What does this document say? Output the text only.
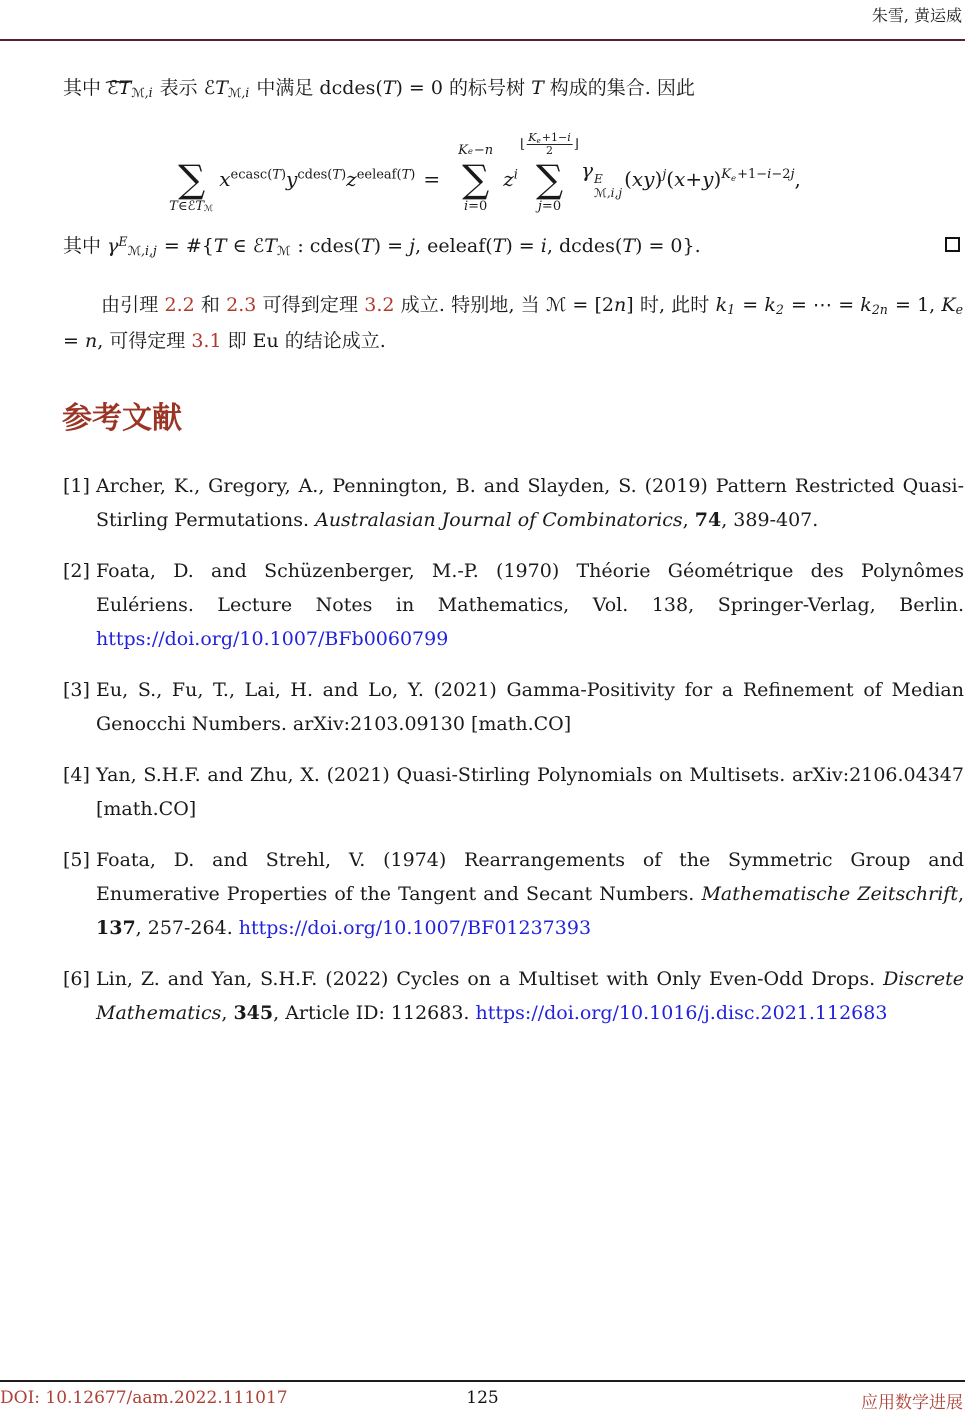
朱雪, 黄运威
其中 ℰT ∼ℳ,i 表示 ℰTℳ,i 中满足 dcdes(T) = 0 的标号树 T 构成的集合. 因此
∑
T ∈ ℰT ℳ
$x^{ecasc(T)}y^{cdes(T)}z^{eeleaf(T)}$ =
K e − n
∑
i =0
$z^i$
⌊ $\frac{Ke+1-i}{2}$ ⌋
∑
j =0
γ E
ℳ,i,j
$(xy)^j(x+y)^{Ke+1-i-2j}$,
其中 $\gamma^Eℳ,i,j$ = #{T ∈ ℰTℳ : cdes(T) = j, eeleaf(T) = i, dcdes(T) = 0}.
由引理 2.2 和 2.3 可得到定理 3.2 成立. 特别地, 当 ℳ = [2n] 时, 此时 k1 = k2 = ⋯ = k2n = 1, Ke = n, 可得定理 3.1 即 Eu 的结论成立.
参考文献
[1] Archer, K., Gregory, A., Pennington, B. and Slayden, S. (2019) Pattern Restricted Quasi-Stirling Permutations. Australasian Journal of Combinatorics, 74, 389-407.
[2] Foata, D. and Schüzenberger, M.-P. (1970) Théorie Géométrique des Polynômes Eulériens. Lecture Notes in Mathematics, Vol. 138, Springer-Verlag, Berlin. https://doi.org/10.1007/BFb0060799
[3] Eu, S., Fu, T., Lai, H. and Lo, Y. (2021) Gamma-Positivity for a Refinement of Median Genocchi Numbers. arXiv:2103.09130 [math.CO]
[4] Yan, S.H.F. and Zhu, X. (2021) Quasi-Stirling Polynomials on Multisets. arXiv:2106.04347 [math.CO]
[5] Foata, D. and Strehl, V. (1974) Rearrangements of the Symmetric Group and Enumerative Properties of the Tangent and Secant Numbers. Mathematische Zeitschrift, 137, 257-264. https://doi.org/10.1007/BF01237393
[6] Lin, Z. and Yan, S.H.F. (2022) Cycles on a Multiset with Only Even-Odd Drops. Discrete Mathematics, 345, Article ID: 112683. https://doi.org/10.1016/j.disc.2021.112683
125
DOI: 10.12677/aam.2022.111017	应用数学进展
